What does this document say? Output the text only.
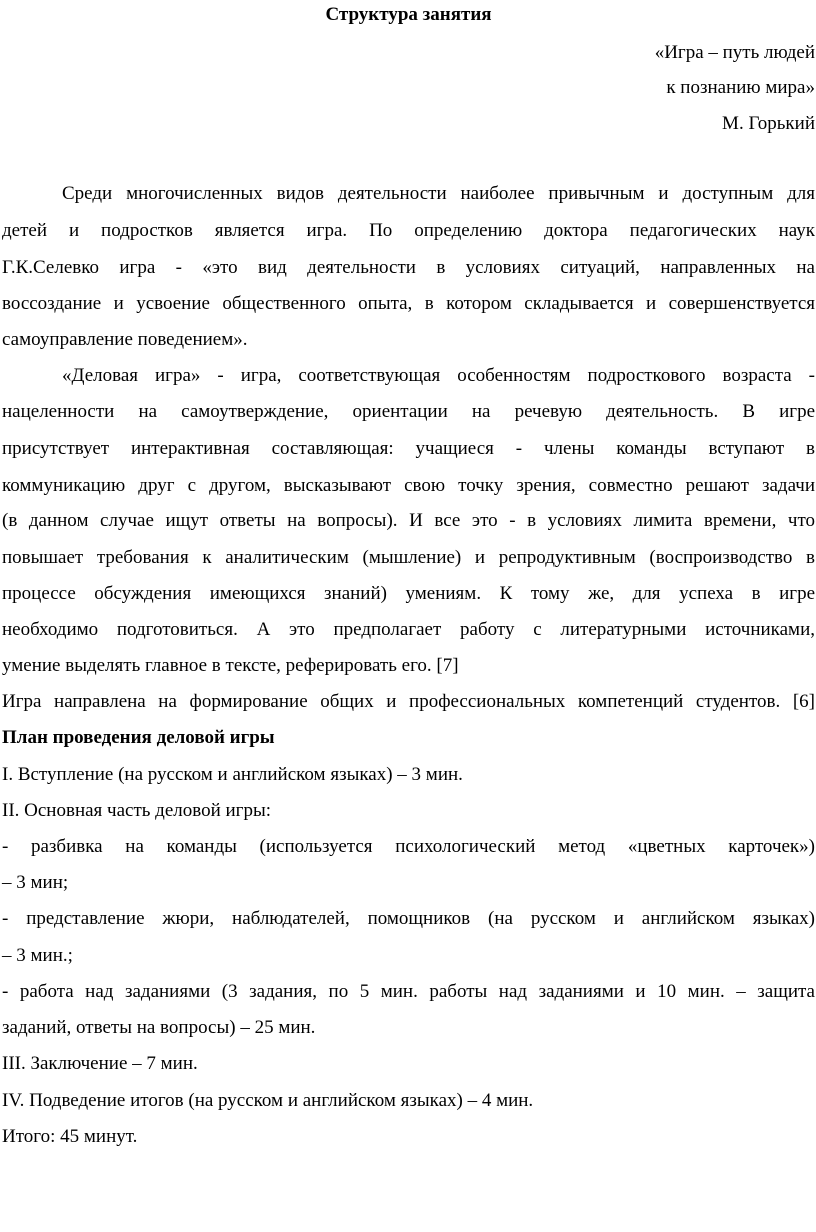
Структура занятия
«Игра – путь людей
к познанию мира»
М. Горький
Среди многочисленных видов деятельности наиболее привычным и доступным для
детей и подростков является игра. По определению доктора педагогических наук
Г.К.Селевко игра - «это вид деятельности в условиях ситуаций, направленных на
воссоздание и усвоение общественного опыта, в котором складывается и совершенствуется
самоуправление поведением».
«Деловая игра» - игра, соответствующая особенностям подросткового возраста -
нацеленности на самоутверждение, ориентации на речевую деятельность. В игре
присутствует интерактивная составляющая: учащиеся - члены команды вступают в
коммуникацию друг с другом, высказывают свою точку зрения, совместно решают задачи
(в данном случае ищут ответы на вопросы). И все это - в условиях лимита времени, что
повышает требования к аналитическим (мышление) и репродуктивным (воспроизводство в
процессе обсуждения имеющихся знаний) умениям. К тому же, для успеха в игре
необходимо подготовиться. А это предполагает работу с литературными источниками,
умение выделять главное в тексте, реферировать его. [7]
Игра направлена на формирование общих и профессиональных компетенций студентов. [6]
План проведения деловой игры
I. Вступление (на русском и английском языках) – 3 мин.
II. Основная часть деловой игры:
- разбивка на команды (используется психологический метод «цветных карточек»)
– 3 мин;
- представление жюри, наблюдателей, помощников (на русском и английском языках)
– 3 мин.;
- работа над заданиями (3 задания, по 5 мин. работы над заданиями и 10 мин. – защита
заданий, ответы на вопросы) – 25 мин.
III. Заключение – 7 мин.
IV. Подведение итогов (на русском и английском языках) – 4 мин.
Итого: 45 минут.
